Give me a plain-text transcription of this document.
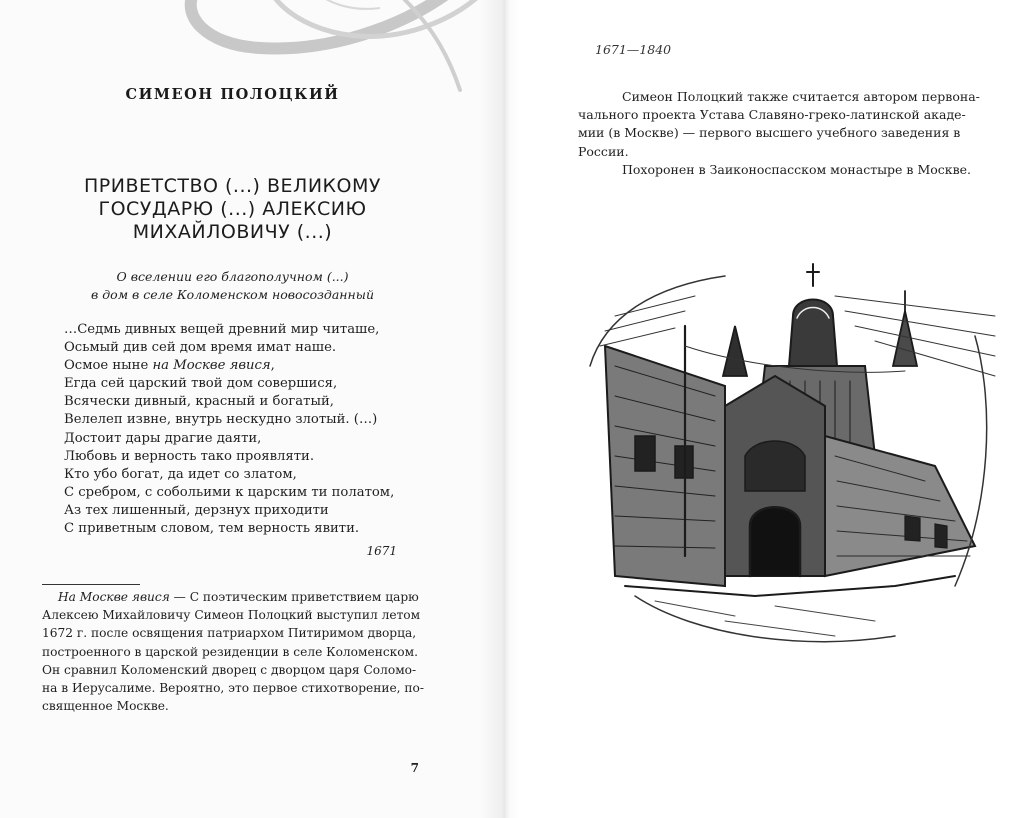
СИМЕОН ПОЛОЦКИЙ
ПРИВЕТСТВО (...) ВЕЛИКОМУ
ГОСУДАРЮ (...) АЛЕКСИЮ
МИХАЙЛОВИЧУ (...)
О вселении его благополучном (...)
в дом в селе Коломенском новосозданный
…Седмь дивных вещей древний мир читаше,
Осьмый див сей дом время имат наше.
Осмое ныне на Москве явися,
Егда сей царский твой дом совершися,
Всячески дивный, красный и богатый,
Велелеп извне, внутрь нескудно злотый. (…)
Достоит дары драгие даяти,
Любовь и верность тако проявляти.
Кто убо богат, да идет со златом,
С сребром, с собольими к царским ти полатом,
Аз тех лишенный, дерзнух приходити
С приветным словом, тем верность явити.
1671
На Москве явися — С поэтическим приветствием царю
Алексею Михайловичу Симеон Полоцкий выступил летом
1672 г. после освящения патриархом Питиримом дворца,
построенного в царской резиденции в селе Коломенском.
Он сравнил Коломенский дворец с дворцом царя Соломо-
на в Иерусалиме. Вероятно, это первое стихотворение, по-
священное Москве.
7
1671—1840
Симеон Полоцкий также считается автором первона-
чального проекта Устава Славяно-греко-латинской акаде-
мии (в Москве) — первого высшего учебного заведения в
России.
Похоронен в Заиконоспасском монастыре в Москве.
